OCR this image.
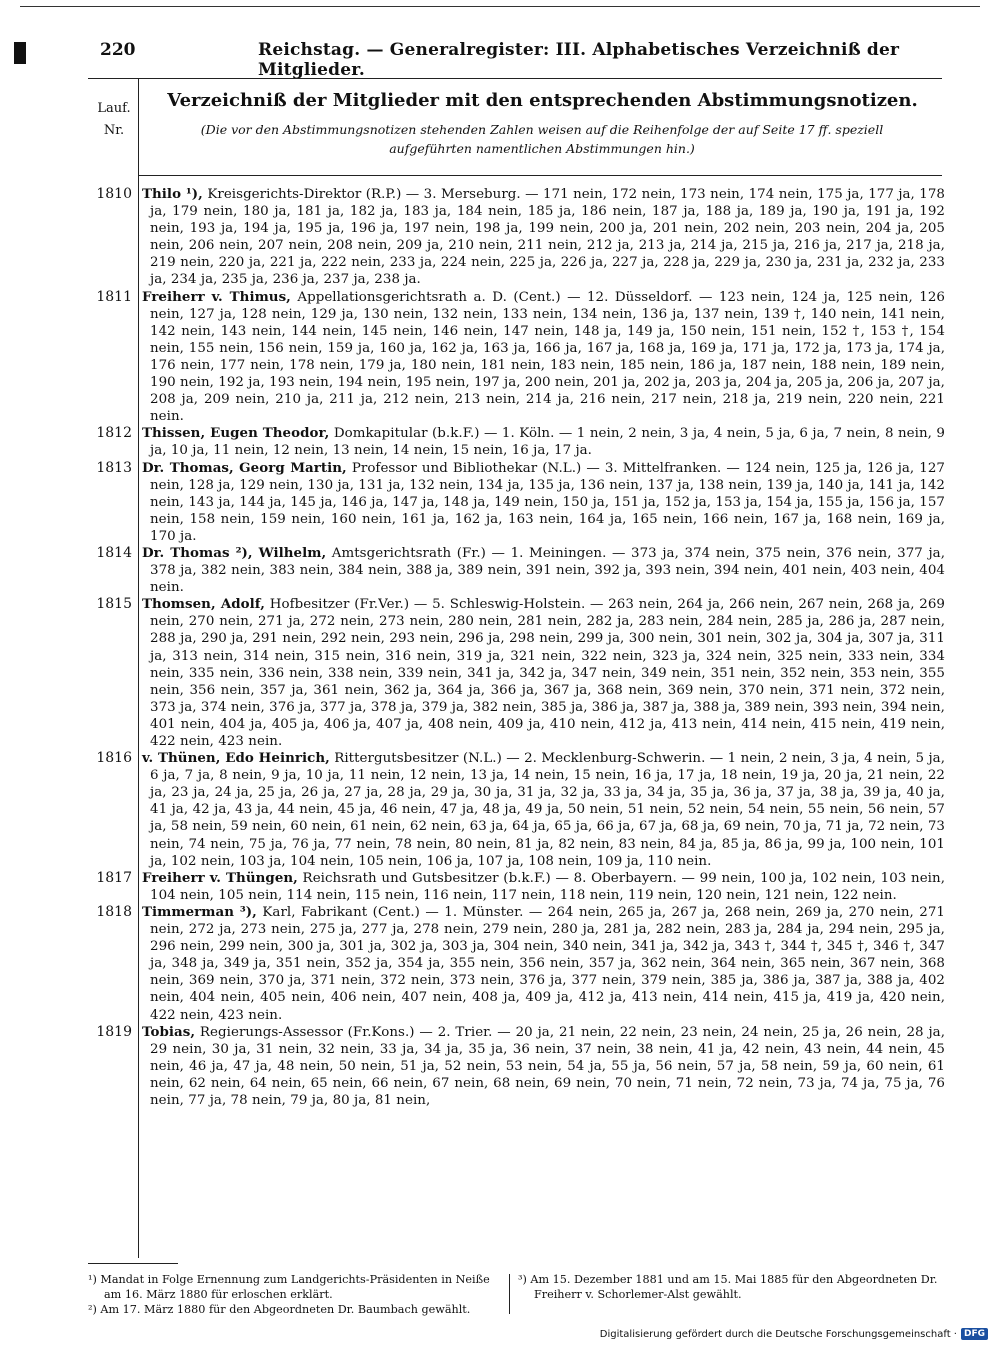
220	Reichstag. — Generalregister: III. Alphabetisches Verzeichniß der Mitglieder.
Lauf.
Nr.
Verzeichniß der Mitglieder mit den entsprechenden Abstimmungsnotizen.
(Die vor den Abstimmungsnotizen stehenden Zahlen weisen auf die Reihenfolge der auf Seite 17 ff. speziell aufgeführten namentlichen Abstimmungen hin.)
1810 Thilo ¹), Kreisgerichts-Direktor (R.P.) — 3. Merseburg. — 171 nein, 172 nein, 173 nein, 174 nein, 175 ja, 177 ja, 178 ja, 179 nein, 180 ja, 181 ja, 182 ja, 183 ja, 184 nein, 185 ja, 186 nein, 187 ja, 188 ja, 189 ja, 190 ja, 191 ja, 192 nein, 193 ja, 194 ja, 195 ja, 196 ja, 197 nein, 198 ja, 199 nein, 200 ja, 201 nein, 202 nein, 203 nein, 204 ja, 205 nein, 206 nein, 207 nein, 208 nein, 209 ja, 210 nein, 211 nein, 212 ja, 213 ja, 214 ja, 215 ja, 216 ja, 217 ja, 218 ja, 219 nein, 220 ja, 221 ja, 222 nein, 233 ja, 224 nein, 225 ja, 226 ja, 227 ja, 228 ja, 229 ja, 230 ja, 231 ja, 232 ja, 233 ja, 234 ja, 235 ja, 236 ja, 237 ja, 238 ja.
1811 Freiherr v. Thimus, Appellationsgerichtsrath a. D. (Cent.) — 12. Düsseldorf. — 123 nein, 124 ja, 125 nein, 126 nein, 127 ja, 128 nein, 129 ja, 130 nein, 132 nein, 133 nein, 134 nein, 136 ja, 137 nein, 139 †, 140 nein, 141 nein, 142 nein, 143 nein, 144 nein, 145 nein, 146 nein, 147 nein, 148 ja, 149 ja, 150 nein, 151 nein, 152 †, 153 †, 154 nein, 155 nein, 156 nein, 159 ja, 160 ja, 162 ja, 163 ja, 166 ja, 167 ja, 168 ja, 169 ja, 171 ja, 172 ja, 173 ja, 174 ja, 176 nein, 177 nein, 178 nein, 179 ja, 180 nein, 181 nein, 183 nein, 185 nein, 186 ja, 187 nein, 188 nein, 189 nein, 190 nein, 192 ja, 193 nein, 194 nein, 195 nein, 197 ja, 200 nein, 201 ja, 202 ja, 203 ja, 204 ja, 205 ja, 206 ja, 207 ja, 208 ja, 209 nein, 210 ja, 211 ja, 212 nein, 213 nein, 214 ja, 216 nein, 217 nein, 218 ja, 219 nein, 220 nein, 221 nein.
1812 Thissen, Eugen Theodor, Domkapitular (b.k.F.) — 1. Köln. — 1 nein, 2 nein, 3 ja, 4 nein, 5 ja, 6 ja, 7 nein, 8 nein, 9 ja, 10 ja, 11 nein, 12 nein, 13 nein, 14 nein, 15 nein, 16 ja, 17 ja.
1813 Dr. Thomas, Georg Martin, Professor und Bibliothekar (N.L.) — 3. Mittelfranken. — 124 nein, 125 ja, 126 ja, 127 nein, 128 ja, 129 nein, 130 ja, 131 ja, 132 nein, 134 ja, 135 ja, 136 nein, 137 ja, 138 nein, 139 ja, 140 ja, 141 ja, 142 nein, 143 ja, 144 ja, 145 ja, 146 ja, 147 ja, 148 ja, 149 nein, 150 ja, 151 ja, 152 ja, 153 ja, 154 ja, 155 ja, 156 ja, 157 nein, 158 nein, 159 nein, 160 nein, 161 ja, 162 ja, 163 nein, 164 ja, 165 nein, 166 nein, 167 ja, 168 nein, 169 ja, 170 ja.
1814 Dr. Thomas ²), Wilhelm, Amtsgerichtsrath (Fr.) — 1. Meiningen. — 373 ja, 374 nein, 375 nein, 376 nein, 377 ja, 378 ja, 382 nein, 383 nein, 384 nein, 388 ja, 389 nein, 391 nein, 392 ja, 393 nein, 394 nein, 401 nein, 403 nein, 404 nein.
1815 Thomsen, Adolf, Hofbesitzer (Fr.Ver.) — 5. Schleswig-Holstein. — 263 nein, 264 ja, 266 nein, 267 nein, 268 ja, 269 nein, 270 nein, 271 ja, 272 nein, 273 nein, 280 nein, 281 nein, 282 ja, 283 nein, 284 nein, 285 ja, 286 ja, 287 nein, 288 ja, 290 ja, 291 nein, 292 nein, 293 nein, 296 ja, 298 nein, 299 ja, 300 nein, 301 nein, 302 ja, 304 ja, 307 ja, 311 ja, 313 nein, 314 nein, 315 nein, 316 nein, 319 ja, 321 nein, 322 nein, 323 ja, 324 nein, 325 nein, 333 nein, 334 nein, 335 nein, 336 nein, 338 nein, 339 nein, 341 ja, 342 ja, 347 nein, 349 nein, 351 nein, 352 nein, 353 nein, 355 nein, 356 nein, 357 ja, 361 nein, 362 ja, 364 ja, 366 ja, 367 ja, 368 nein, 369 nein, 370 nein, 371 nein, 372 nein, 373 ja, 374 nein, 376 ja, 377 ja, 378 ja, 379 ja, 382 nein, 385 ja, 386 ja, 387 ja, 388 ja, 389 nein, 393 nein, 394 nein, 401 nein, 404 ja, 405 ja, 406 ja, 407 ja, 408 nein, 409 ja, 410 nein, 412 ja, 413 nein, 414 nein, 415 nein, 419 nein, 422 nein, 423 nein.
1816 v. Thünen, Edo Heinrich, Rittergutsbesitzer (N.L.) — 2. Mecklenburg-Schwerin. — 1 nein, 2 nein, 3 ja, 4 nein, 5 ja, 6 ja, 7 ja, 8 nein, 9 ja, 10 ja, 11 nein, 12 nein, 13 ja, 14 nein, 15 nein, 16 ja, 17 ja, 18 nein, 19 ja, 20 ja, 21 nein, 22 ja, 23 ja, 24 ja, 25 ja, 26 ja, 27 ja, 28 ja, 29 ja, 30 ja, 31 ja, 32 ja, 33 ja, 34 ja, 35 ja, 36 ja, 37 ja, 38 ja, 39 ja, 40 ja, 41 ja, 42 ja, 43 ja, 44 nein, 45 ja, 46 nein, 47 ja, 48 ja, 49 ja, 50 nein, 51 nein, 52 nein, 54 nein, 55 nein, 56 nein, 57 ja, 58 nein, 59 nein, 60 nein, 61 nein, 62 nein, 63 ja, 64 ja, 65 ja, 66 ja, 67 ja, 68 ja, 69 nein, 70 ja, 71 ja, 72 nein, 73 nein, 74 nein, 75 ja, 76 ja, 77 nein, 78 nein, 80 nein, 81 ja, 82 nein, 83 nein, 84 ja, 85 ja, 86 ja, 99 ja, 100 nein, 101 ja, 102 nein, 103 ja, 104 nein, 105 nein, 106 ja, 107 ja, 108 nein, 109 ja, 110 nein.
1817 Freiherr v. Thüngen, Reichsrath und Gutsbesitzer (b.k.F.) — 8. Oberbayern. — 99 nein, 100 ja, 102 nein, 103 nein, 104 nein, 105 nein, 114 nein, 115 nein, 116 nein, 117 nein, 118 nein, 119 nein, 120 nein, 121 nein, 122 nein.
1818 Timmerman ³), Karl, Fabrikant (Cent.) — 1. Münster. — 264 nein, 265 ja, 267 ja, 268 nein, 269 ja, 270 nein, 271 nein, 272 ja, 273 nein, 275 ja, 277 ja, 278 nein, 279 nein, 280 ja, 281 ja, 282 nein, 283 ja, 284 ja, 294 nein, 295 ja, 296 nein, 299 nein, 300 ja, 301 ja, 302 ja, 303 ja, 304 nein, 340 nein, 341 ja, 342 ja, 343 †, 344 †, 345 †, 346 †, 347 ja, 348 ja, 349 ja, 351 nein, 352 ja, 354 ja, 355 nein, 356 nein, 357 ja, 362 nein, 364 nein, 365 nein, 367 nein, 368 nein, 369 nein, 370 ja, 371 nein, 372 nein, 373 nein, 376 ja, 377 nein, 379 nein, 385 ja, 386 ja, 387 ja, 388 ja, 402 nein, 404 nein, 405 nein, 406 nein, 407 nein, 408 ja, 409 ja, 412 ja, 413 nein, 414 nein, 415 ja, 419 ja, 420 nein, 422 nein, 423 nein.
1819 Tobias, Regierungs-Assessor (Fr.Kons.) — 2. Trier. — 20 ja, 21 nein, 22 nein, 23 nein, 24 nein, 25 ja, 26 nein, 28 ja, 29 nein, 30 ja, 31 nein, 32 nein, 33 ja, 34 ja, 35 ja, 36 nein, 37 nein, 38 nein, 41 ja, 42 nein, 43 nein, 44 nein, 45 nein, 46 ja, 47 ja, 48 nein, 50 nein, 51 ja, 52 nein, 53 nein, 54 ja, 55 ja, 56 nein, 57 ja, 58 nein, 59 ja, 60 nein, 61 nein, 62 nein, 64 nein, 65 nein, 66 nein, 67 nein, 68 nein, 69 nein, 70 nein, 71 nein, 72 nein, 73 ja, 74 ja, 75 ja, 76 nein, 77 ja, 78 nein, 79 ja, 80 ja, 81 nein,

¹) Mandat in Folge Ernennung zum Landgerichts-Präsidenten in Neiße am 16. März 1880 für erloschen erklärt.

²) Am 17. März 1880 für den Abgeordneten Dr. Baumbach gewählt.

³) Am 15. Dezember 1881 und am 15. Mai 1885 für den Abgeordneten Dr. Freiherr v. Schorlemer-Alst gewählt.

Digitalisierung gefördert durch die Deutsche Forschungsgemeinschaft · DFG
